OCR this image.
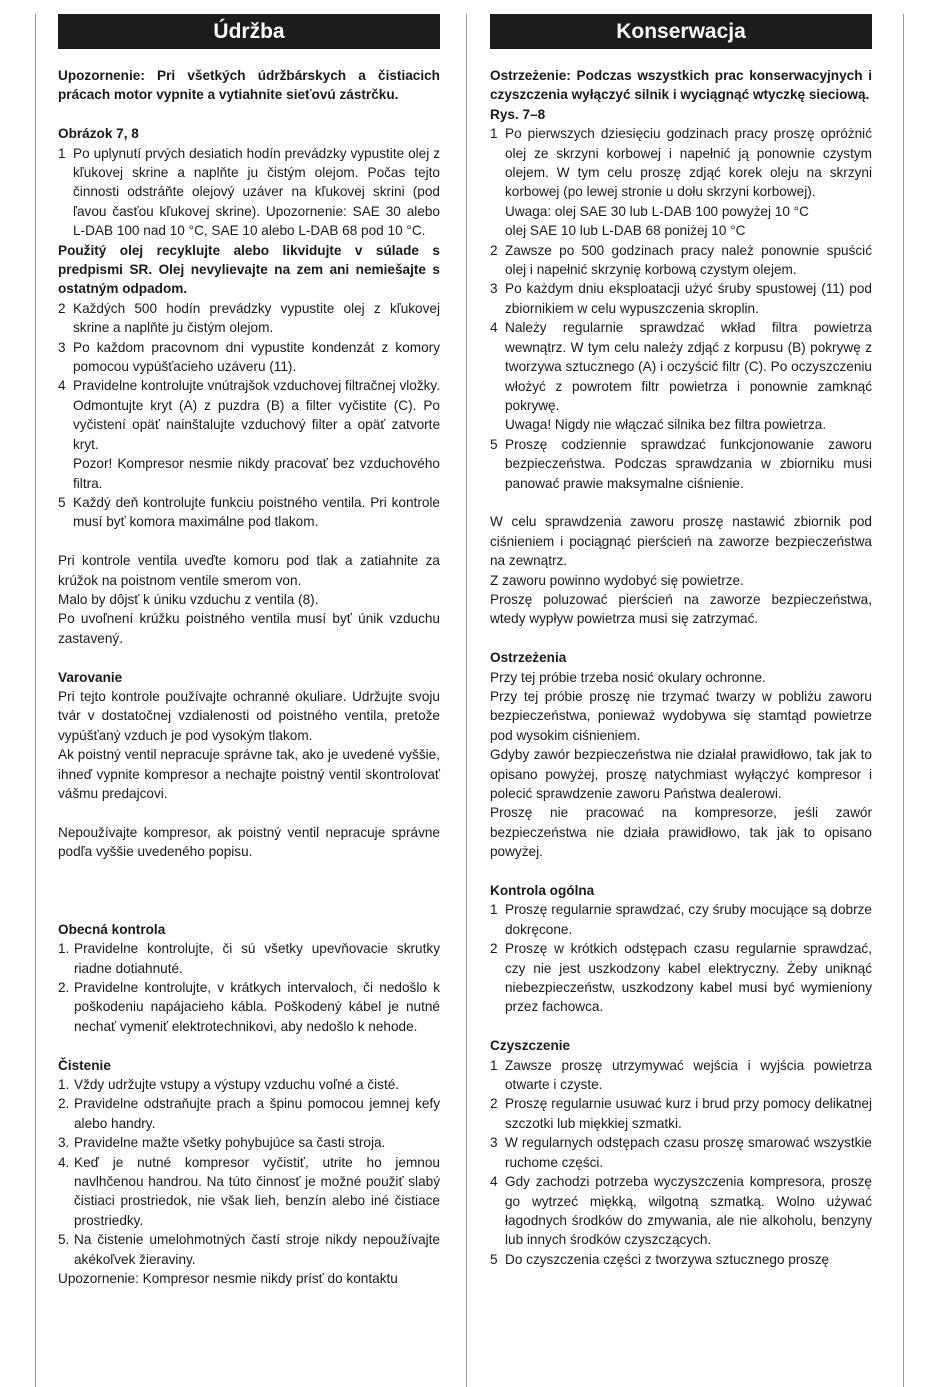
Údržba

Upozornenie: Pri všetkých údržbárskych a čistiacich prácach motor vypnite a vytiahnite sieťovú zástrčku.

Obrázok 7, 8

1 Po uplynutí prvých desiatich hodín prevádzky vypustite olej z kľukovej skrine a naplňte ju čistým olejom. Počas tejto činnosti odstráňte olejový uzáver na kľukovej skrini (pod ľavou časťou kľukovej skrine). Upozornenie: SAE 30 alebo L-DAB 100 nad 10 °C, SAE 10 alebo L-DAB 68 pod 10 °C.

Použitý olej recyklujte alebo likvidujte v súlade s predpismi SR. Olej nevylievajte na zem ani nemiešajte s ostatným odpadom.

2 Každých 500 hodín prevádzky vypustite olej z kľukovej skrine a naplňte ju čistým olejom.
3 Po každom pracovnom dni vypustite kondenzát z komory pomocou vypúšťacieho uzáveru (11).
4 Pravidelne kontrolujte vnútrajšok vzduchovej filtračnej vložky. Odmontujte kryt (A) z puzdra (B) a filter vyčistite (C). Po vyčistení opäť nainštalujte vzduchový filter a opäť zatvorte kryt.
Pozor! Kompresor nesmie nikdy pracovať bez vzduchového filtra.
5 Každý deň kontrolujte funkciu poistného ventila. Pri kontrole musí byť komora maximálne pod tlakom.

Pri kontrole ventila uveďte komoru pod tlak a zatiahnite za krúžok na poistnom ventile smerom von.

Malo by dôjsť k úniku vzduchu z ventila (8).

Po uvoľnení krúžku poistného ventila musí byť únik vzduchu zastavený.

Varovanie

Pri tejto kontrole používajte ochranné okuliare. Udržujte svoju tvár v dostatočnej vzdialenosti od poistného ventila, pretože vypúšťaný vzduch je pod vysokým tlakom.

Ak poistný ventil nepracuje správne tak, ako je uvedené vyššie, ihneď vypnite kompresor a nechajte poistný ventil skontrolovať vášmu predajcovi.

Nepoužívajte kompresor, ak poistný ventil nepracuje správne podľa vyššie uvedeného popisu.

Obecná kontrola

1. Pravidelne kontrolujte, či sú všetky upevňovacie skrutky riadne dotiahnuté.
2. Pravidelne kontrolujte, v krátkych intervaloch, či nedošlo k poškodeniu napájacieho kábla. Poškodený kábel je nutné nechať vymeniť elektrotechnikovi, aby nedošlo k nehode.

Čistenie

1. Vždy udržujte vstupy a výstupy vzduchu voľné a čisté.
2. Pravidelne odstraňujte prach a špinu pomocou jemnej kefy alebo handry.
3. Pravidelne mažte všetky pohybujúce sa časti stroja.
4. Keď je nutné kompresor vyčistiť, utrite ho jemnou navlhčenou handrou. Na túto činnosť je možné použiť slabý čistiaci prostriedok, nie však lieh, benzín alebo iné čistiace prostriedky.
5. Na čistenie umelohmotných častí stroje nikdy nepoužívajte akékoľvek žieraviny.

Upozornenie: Kompresor nesmie nikdy prísť do kontaktu

Konserwacja

Ostrzeżenie: Podczas wszystkich prac konserwacyjnych i czyszczenia wyłączyć silnik i wyciągnąć wtyczkę sieciową.

Rys. 7–8

1 Po pierwszych dziesięciu godzinach pracy proszę opróżnić olej ze skrzyni korbowej i napełnić ją ponownie czystym olejem. W tym celu proszę zdjąć korek oleju na skrzyni korbowej (po lewej stronie u dołu skrzyni korbowej).
Uwaga: olej SAE 30 lub L-DAB 100 powyżej 10 °C
olej SAE 10 lub L-DAB 68 poniżej 10 °C
2 Zawsze po 500 godzinach pracy należ ponownie spuścić olej i napełnić skrzynię korbową czystym olejem.
3 Po każdym dniu eksploatacji użyć śruby spustowej (11) pod zbiornikiem w celu wypuszczenia skroplin.
4 Należy regularnie sprawdzać wkład filtra powietrza wewnątrz. W tym celu należy zdjąć z korpusu (B) pokrywę z tworzywa sztucznego (A) i oczyścić filtr (C). Po oczyszczeniu włożyć z powrotem filtr powietrza i ponownie zamknąć pokrywę.
Uwaga! Nigdy nie włączać silnika bez filtra powietrza.
5 Proszę codziennie sprawdzać funkcjonowanie zaworu bezpieczeństwa. Podczas sprawdzania w zbiorniku musi panować prawie maksymalne ciśnienie.

W celu sprawdzenia zaworu proszę nastawić zbiornik pod ciśnieniem i pociągnąć pierścień na zaworze bezpieczeństwa na zewnątrz.

Z zaworu powinno wydobyć się powietrze.

Proszę poluzować pierścień na zaworze bezpieczeństwa, wtedy wypływ powietrza musi się zatrzymać.

Ostrzeżenia

Przy tej próbie trzeba nosić okulary ochronne.

Przy tej próbie proszę nie trzymać twarzy w pobliżu zaworu bezpieczeństwa, ponieważ wydobywa się stamtąd powietrze pod wysokim ciśnieniem.

Gdyby zawór bezpieczeństwa nie działał prawidłowo, tak jak to opisano powyżej, proszę natychmiast wyłączyć kompresor i polecić sprawdzenie zaworu Państwa dealerowi.

Proszę nie pracować na kompresorze, jeśli zawór bezpieczeństwa nie działa prawidłowo, tak jak to opisano powyżej.

Kontrola ogólna

1 Proszę regularnie sprawdzać, czy śruby mocujące są dobrze dokręcone.
2 Proszę w krótkich odstępach czasu regularnie sprawdzać, czy nie jest uszkodzony kabel elektryczny. Żeby uniknąć niebezpieczeństw, uszkodzony kabel musi być wymieniony przez fachowca.

Czyszczenie

1 Zawsze proszę utrzymywać wejścia i wyjścia powietrza otwarte i czyste.
2 Proszę regularnie usuwać kurz i brud przy pomocy delikatnej szczotki lub miękkiej szmatki.
3 W regularnych odstępach czasu proszę smarować wszystkie ruchome części.
4 Gdy zachodzi potrzeba wyczyszczenia kompresora, proszę go wytrzeć miękką, wilgotną szmatką. Wolno używać łagodnych środków do zmywania, ale nie alkoholu, benzyny lub innych środków czyszczących.
5 Do czyszczenia części z tworzywa sztucznego proszę
